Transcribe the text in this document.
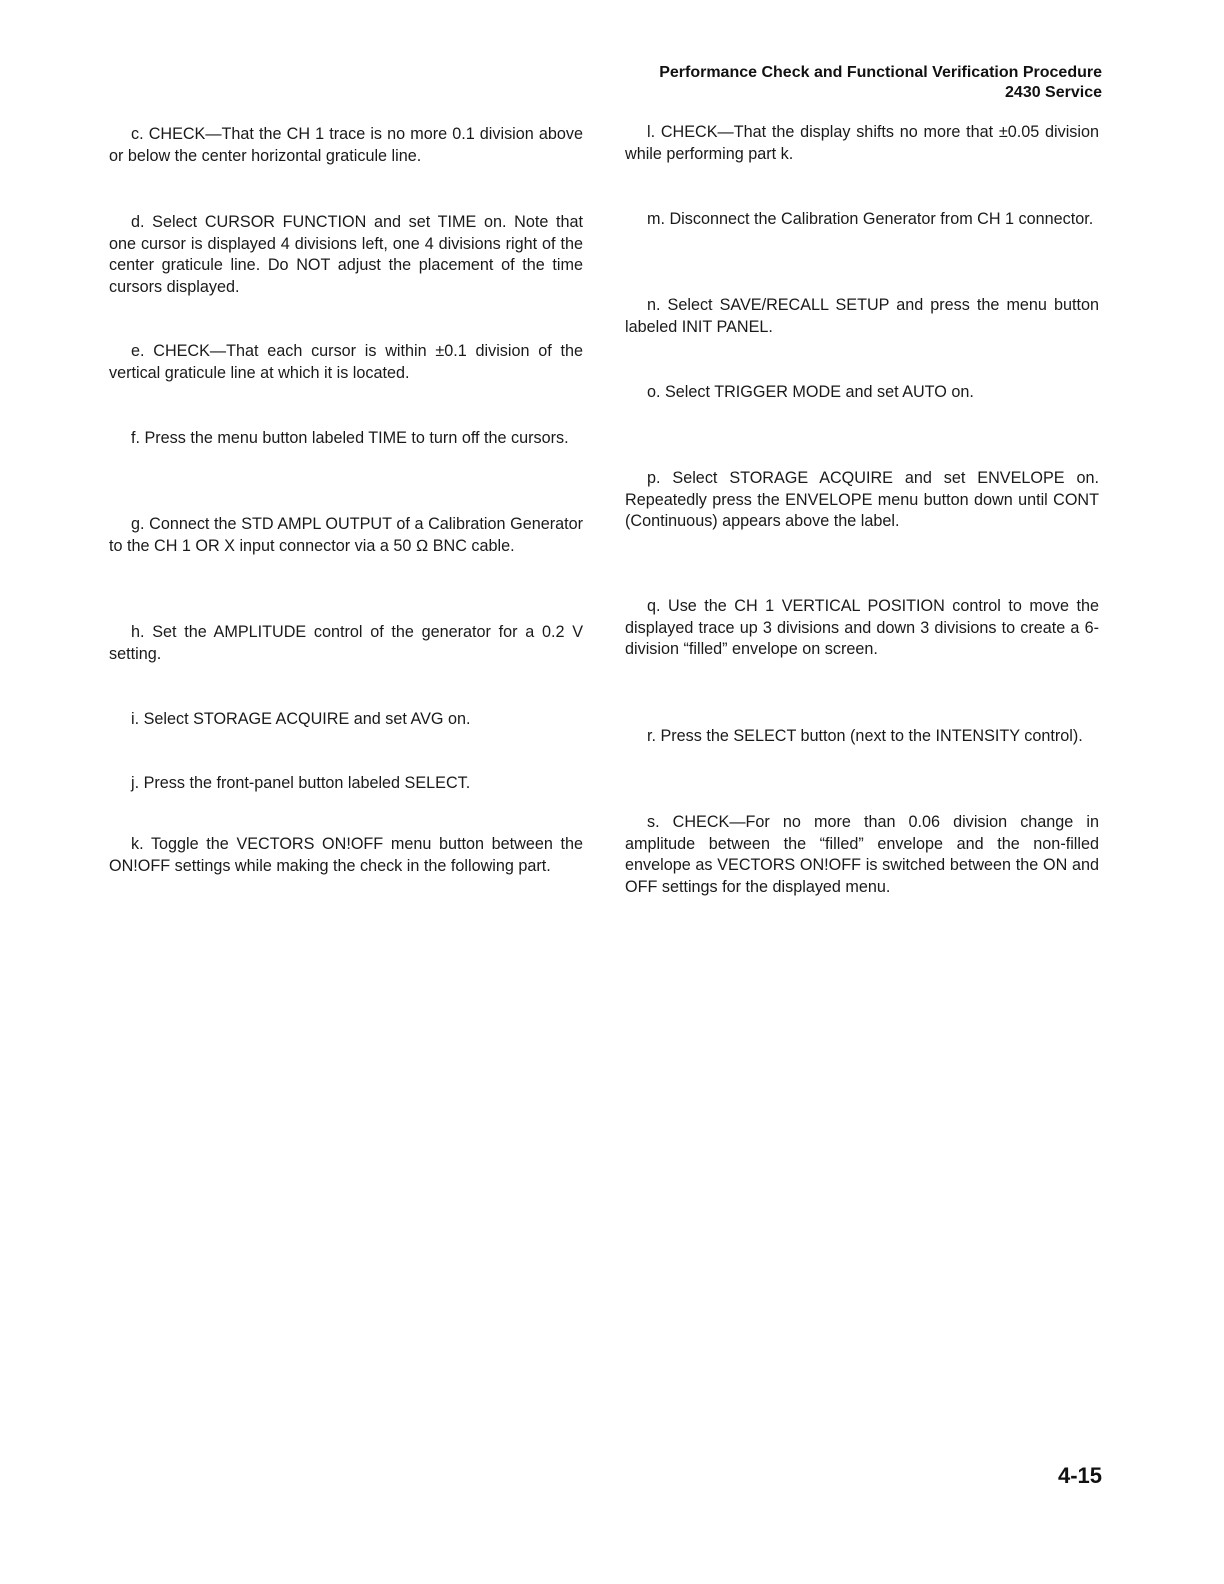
Performance Check and Functional Verification Procedure
2430 Service

c. CHECK—That the CH 1 trace is no more 0.1 division above or below the center horizontal graticule line.

d. Select CURSOR FUNCTION and set TIME on. Note that one cursor is displayed 4 divisions left, one 4 divisions right of the center graticule line. Do NOT adjust the placement of the time cursors displayed.

e. CHECK—That each cursor is within ±0.1 division of the vertical graticule line at which it is located.

f. Press the menu button labeled TIME to turn off the cursors.

g. Connect the STD AMPL OUTPUT of a Calibration Generator to the CH 1 OR X input connector via a 50 Ω BNC cable.

h. Set the AMPLITUDE control of the generator for a 0.2 V setting.

i. Select STORAGE ACQUIRE and set AVG on.

j. Press the front-panel button labeled SELECT.

k. Toggle the VECTORS ON!OFF menu button between the ON!OFF settings while making the check in the following part.

l. CHECK—That the display shifts no more that ±0.05 division while performing part k.

m. Disconnect the Calibration Generator from CH 1 connector.

n. Select SAVE/RECALL SETUP and press the menu button labeled INIT PANEL.

o. Select TRIGGER MODE and set AUTO on.

p. Select STORAGE ACQUIRE and set ENVELOPE on. Repeatedly press the ENVELOPE menu button down until CONT (Continuous) appears above the label.

q. Use the CH 1 VERTICAL POSITION control to move the displayed trace up 3 divisions and down 3 divisions to create a 6-division “filled” envelope on screen.

r. Press the SELECT button (next to the INTENSITY control).

s. CHECK—For no more than 0.06 division change in amplitude between the “filled” envelope and the non-filled envelope as VECTORS ON!OFF is switched between the ON and OFF settings for the displayed menu.

4-15
